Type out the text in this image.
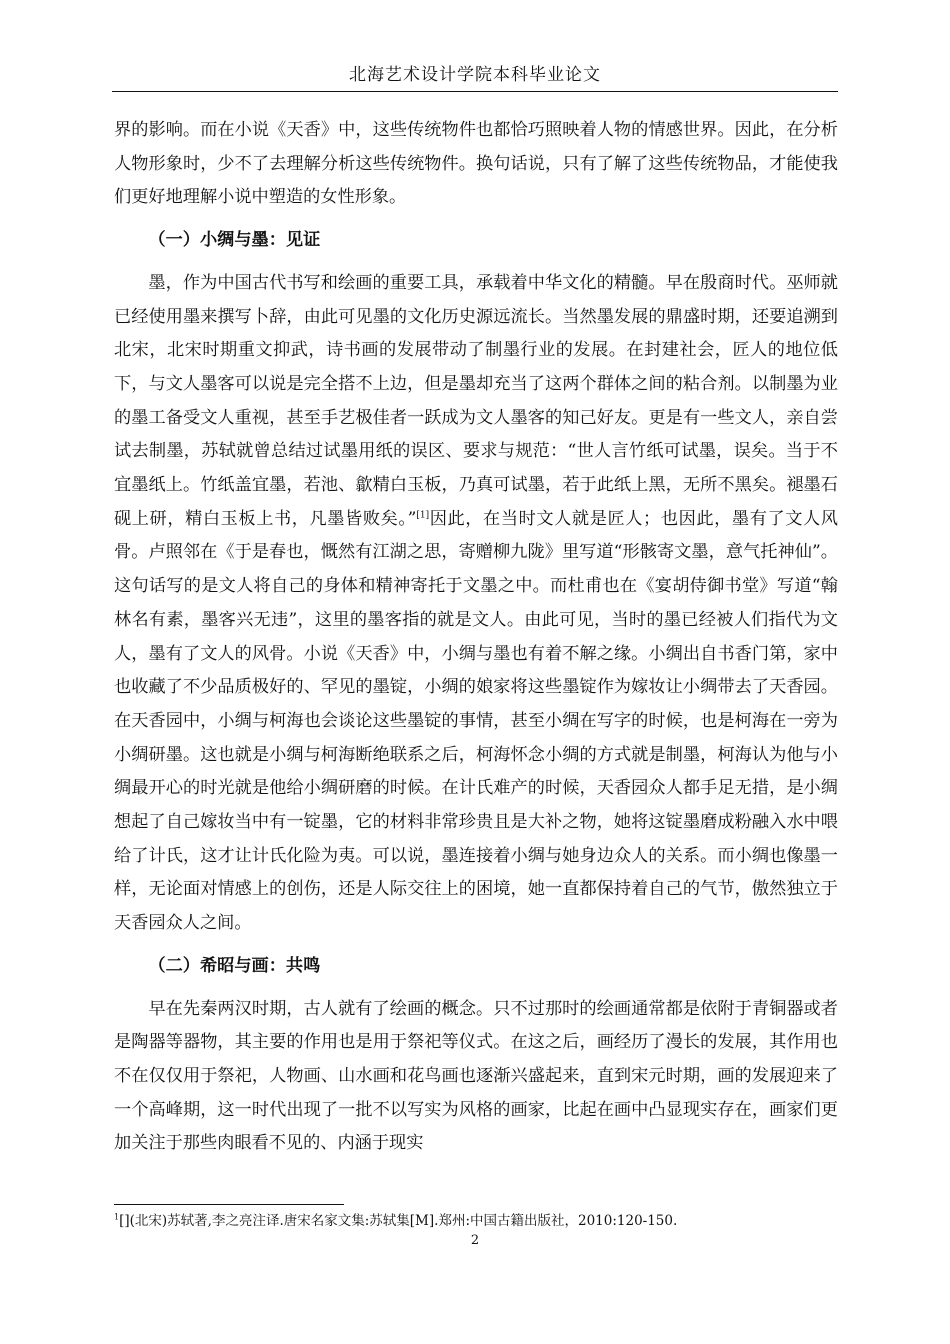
北海艺术设计学院本科毕业论文

界的影响。而在小说《天香》中，这些传统物件也都恰巧照映着人物的情感世界。因此，在分析人物形象时，少不了去理解分析这些传统物件。换句话说，只有了解了这些传统物品，才能使我们更好地理解小说中塑造的女性形象。

（一）小绸与墨：见证

墨，作为中国古代书写和绘画的重要工具，承载着中华文化的精髓。早在殷商时代。巫师就已经使用墨来撰写卜辞，由此可见墨的文化历史源远流长。当然墨发展的鼎盛时期，还要追溯到北宋，北宋时期重文抑武，诗书画的发展带动了制墨行业的发展。在封建社会，匠人的地位低下，与文人墨客可以说是完全搭不上边，但是墨却充当了这两个群体之间的粘合剂。以制墨为业的墨工备受文人重视，甚至手艺极佳者一跃成为文人墨客的知己好友。更是有一些文人，亲自尝试去制墨，苏轼就曾总结过试墨用纸的误区、要求与规范：“世人言竹纸可试墨，误矣。当于不宜墨纸上。竹纸盖宜墨，若池、歙精白玉板，乃真可试墨，若于此纸上黑，无所不黑矣。褪墨石砚上研，精白玉板上书，凡墨皆败矣。”[1]因此，在当时文人就是匠人；也因此，墨有了文人风骨。卢照邻在《于是春也，慨然有江湖之思，寄赠柳九陇》里写道“形骸寄文墨，意气托神仙”。这句话写的是文人将自己的身体和精神寄托于文墨之中。而杜甫也在《宴胡侍御书堂》写道“翰林名有素，墨客兴无违”，这里的墨客指的就是文人。由此可见，当时的墨已经被人们指代为文人，墨有了文人的风骨。小说《天香》中，小绸与墨也有着不解之缘。小绸出自书香门第，家中也收藏了不少品质极好的、罕见的墨锭，小绸的娘家将这些墨锭作为嫁妆让小绸带去了天香园。在天香园中，小绸与柯海也会谈论这些墨锭的事情，甚至小绸在写字的时候，也是柯海在一旁为小绸研墨。这也就是小绸与柯海断绝联系之后，柯海怀念小绸的方式就是制墨，柯海认为他与小绸最开心的时光就是他给小绸研磨的时候。在计氏难产的时候，天香园众人都手足无措，是小绸想起了自己嫁妆当中有一锭墨，它的材料非常珍贵且是大补之物，她将这锭墨磨成粉融入水中喂给了计氏，这才让计氏化险为夷。可以说，墨连接着小绸与她身边众人的关系。而小绸也像墨一样，无论面对情感上的创伤，还是人际交往上的困境，她一直都保持着自己的气节，傲然独立于天香园众人之间。

（二）希昭与画：共鸣

早在先秦两汉时期，古人就有了绘画的概念。只不过那时的绘画通常都是依附于青铜器或者是陶器等器物，其主要的作用也是用于祭祀等仪式。在这之后，画经历了漫长的发展，其作用也不在仅仅用于祭祀，人物画、山水画和花鸟画也逐渐兴盛起来，直到宋元时期，画的发展迎来了一个高峰期，这一时代出现了一批不以写实为风格的画家，比起在画中凸显现实存在，画家们更加关注于那些肉眼看不见的、内涵于现实

$^1$[](北宋)苏轼著,李之亮注译.唐宋名家文集:苏轼集[M].郑州:中国古籍出版社，2010:120-150.
2
